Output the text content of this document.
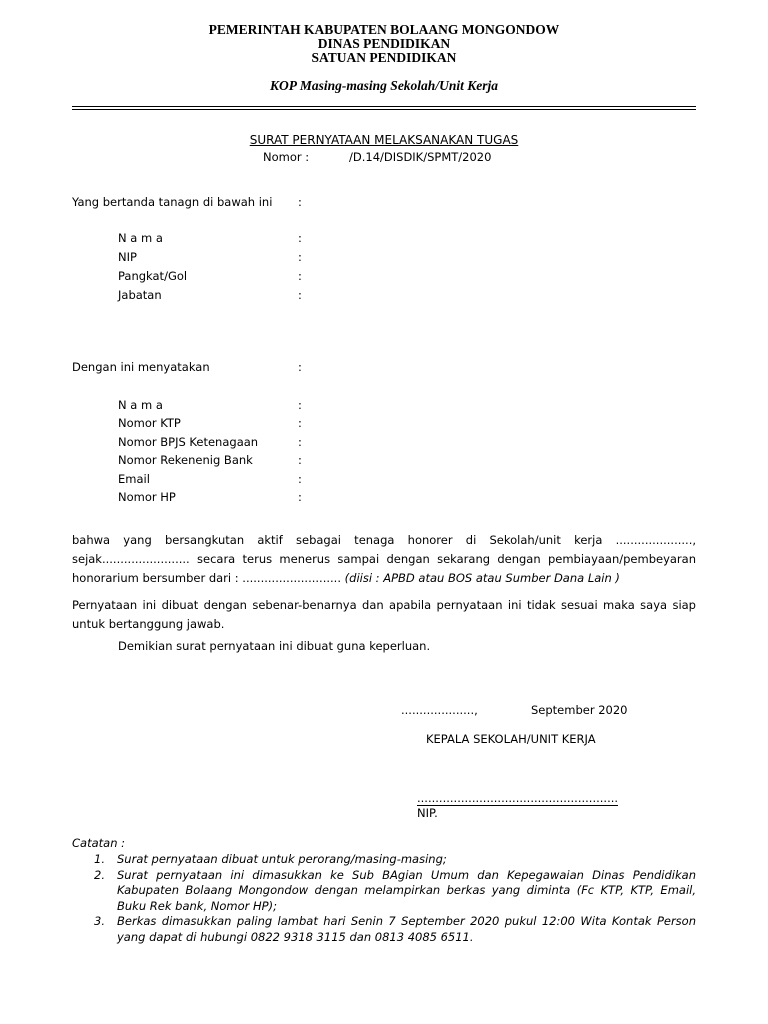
PEMERINTAH KABUPATEN BOLAANG MONGONDOW
DINAS PENDIDIKAN
SATUAN PENDIDIKAN
KOP Masing-masing Sekolah/Unit Kerja
SURAT PERNYATAAN MELAKSANAKAN TUGAS
Nomor :	/D.14/DISDIK/SPMT/2020
Yang bertanda tanagn di bawah ini :
N a m a	:
NIP	:
Pangkat/Gol	:
Jabatan	:
Dengan ini menyatakan	:
N a m a	:
Nomor KTP	:
Nomor BPJS Ketenagaan	:
Nomor Rekenenig Bank	:
Email	:
Nomor HP	:
bahwa yang bersangkutan aktif sebagai tenaga honorer di Sekolah/unit kerja ....................., sejak........................ secara terus menerus sampai dengan sekarang dengan pembiayaan/pembeyaran honorarium bersumber dari : ........................... (diisi : APBD atau BOS atau Sumber Dana Lain )
Pernyataan ini dibuat dengan sebenar-benarnya dan apabila pernyataan ini tidak sesuai maka saya siap untuk bertanggung jawab.
Demikian surat pernyataan ini dibuat guna keperluan.
....................,	September 2020
KEPALA SEKOLAH/UNIT KERJA
.......................................................
NIP.
Catatan :
1. Surat pernyataan dibuat untuk perorang/masing-masing;
2. Surat pernyataan ini dimasukkan ke Sub BAgian Umum dan Kepegawaian Dinas Pendidikan Kabupaten Bolaang Mongondow dengan melampirkan berkas yang diminta (Fc KTP, KTP, Email, Buku Rek bank, Nomor HP);
3. Berkas dimasukkan paling lambat hari Senin 7 September 2020 pukul 12:00 Wita Kontak Person yang dapat di hubungi 0822 9318 3115 dan 0813 4085 6511.
